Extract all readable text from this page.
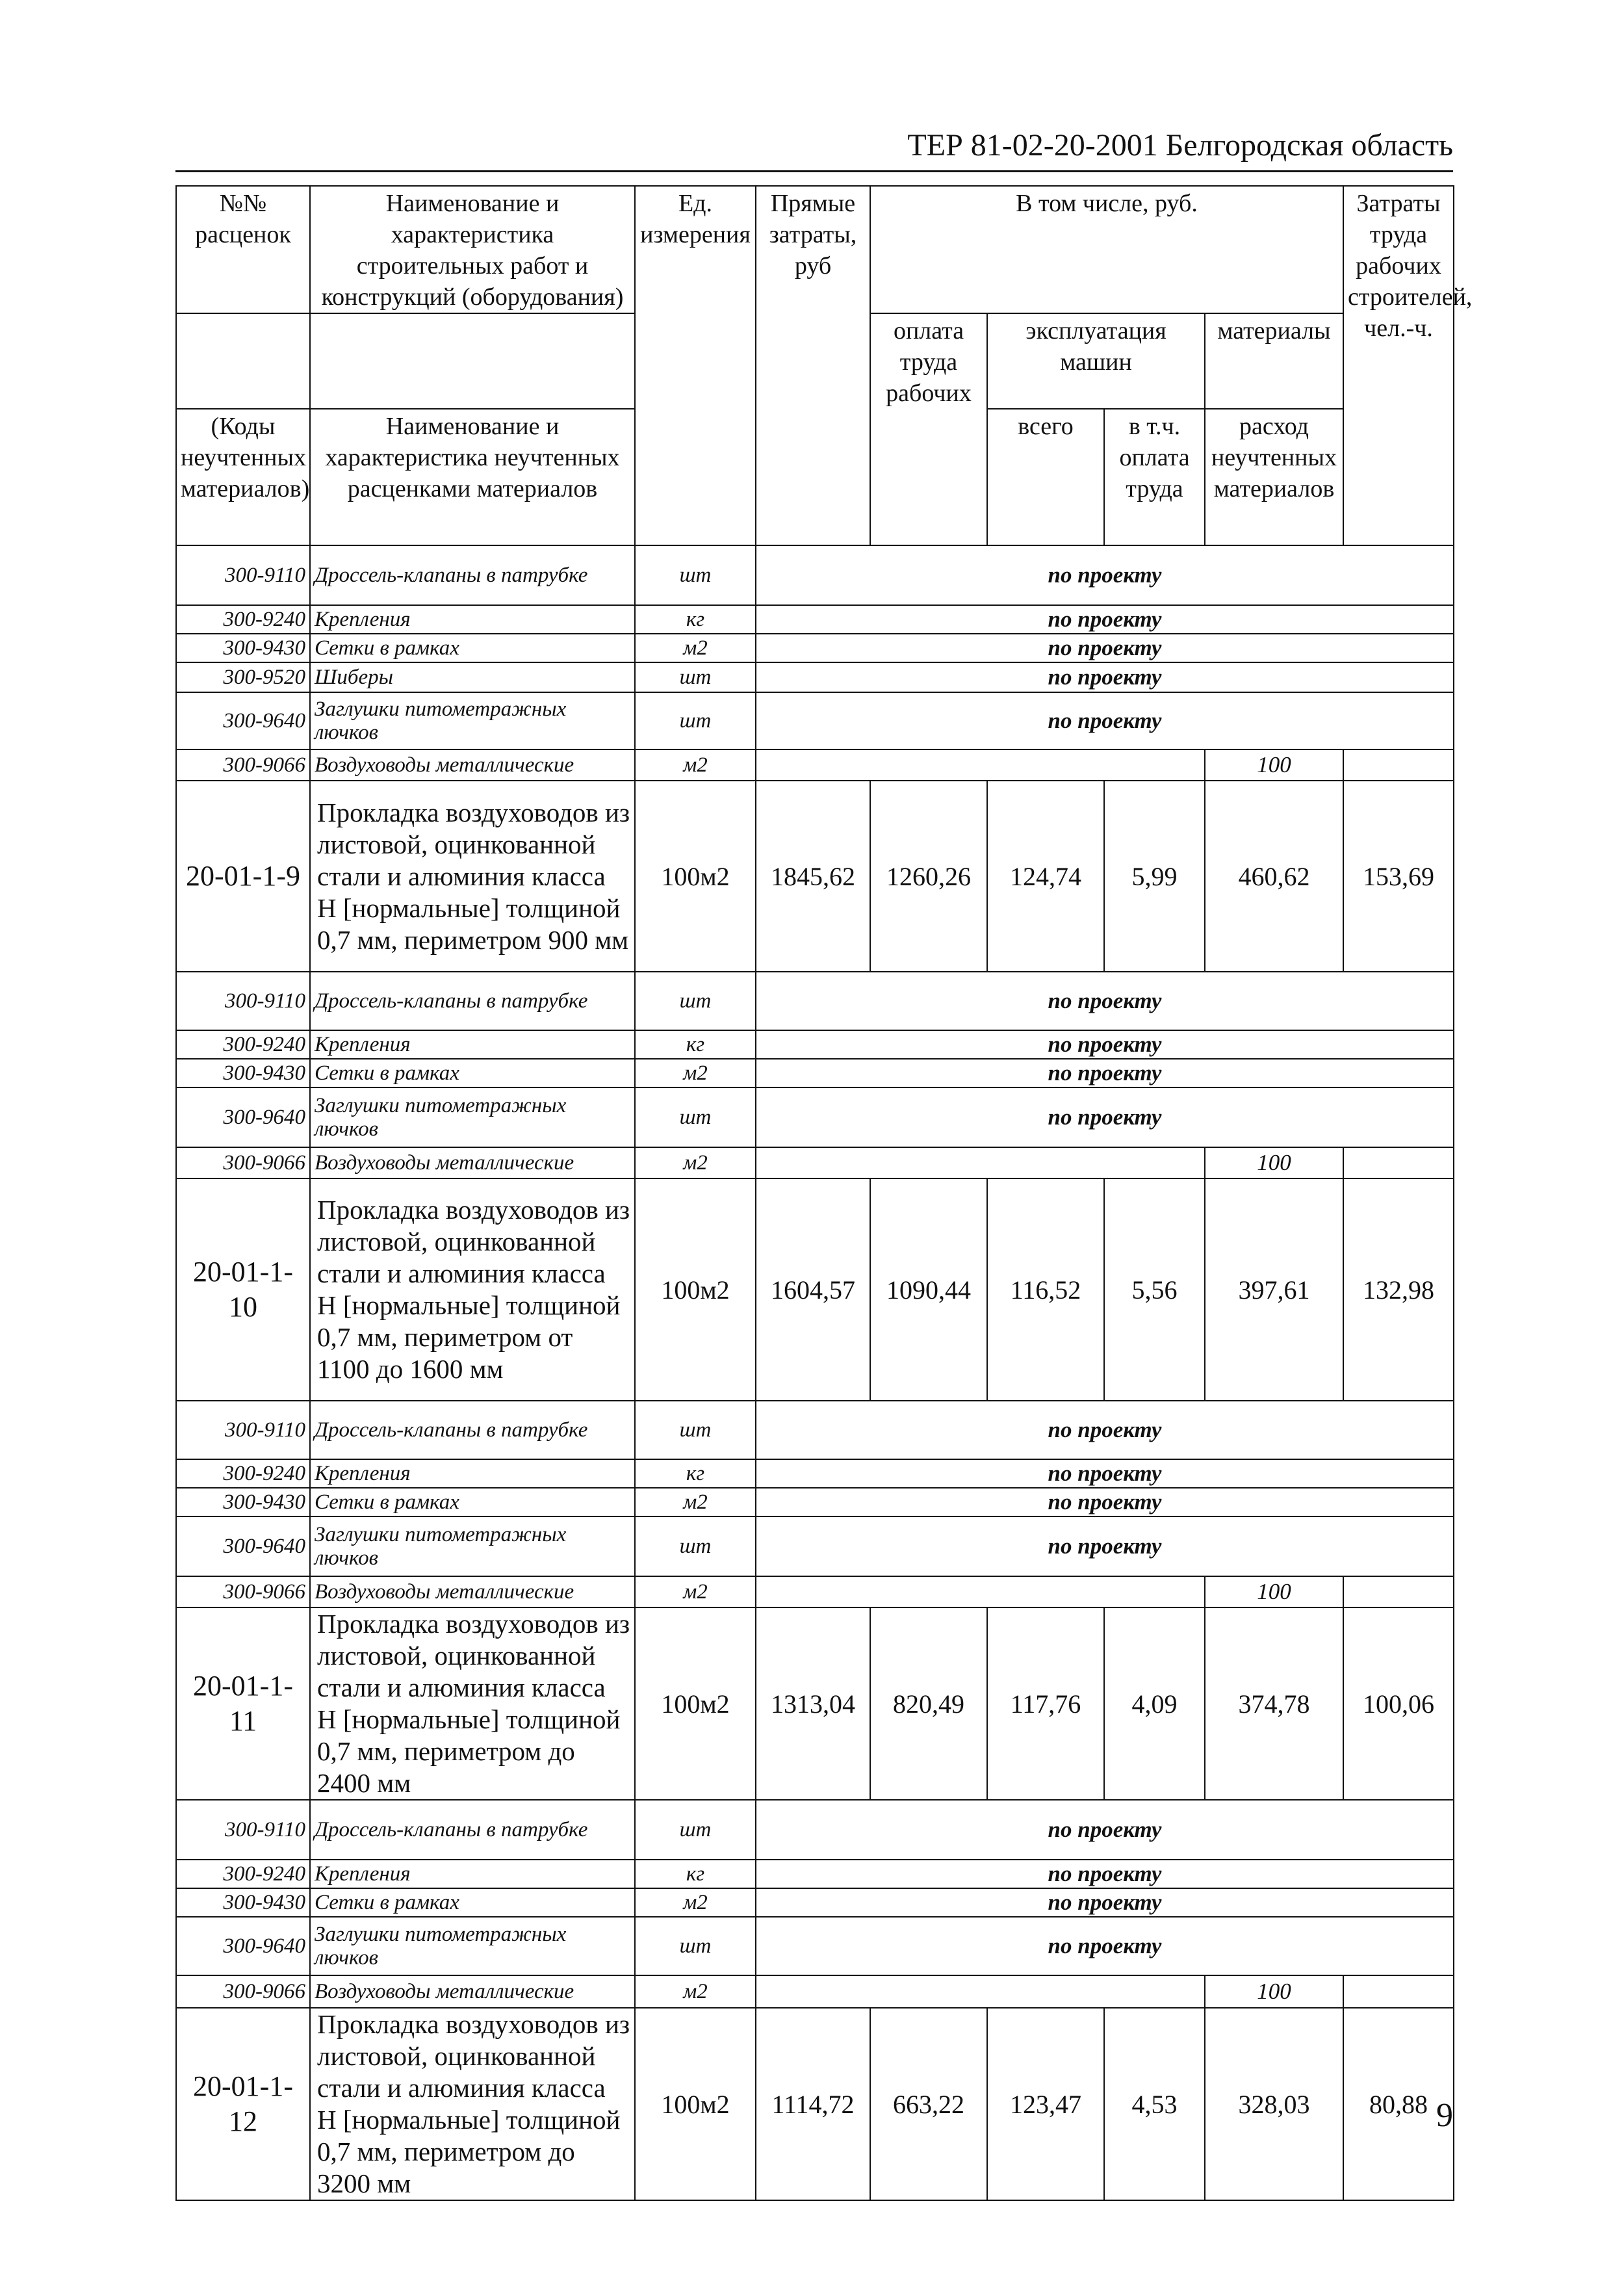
ТЕР 81-02-20-2001 Белгородская область
№№ расценок	Наименование и характеристика строительных работ и конструкций (оборудования)	Ед. измерения	Прямые затраты, руб	В том числе, руб.				Затраты труда рабочих строителей, чел.-ч.
				оплата труда рабочих	эксплуатация машин		материалы	

(Коды неучтенных материалов)	Наименование и характеристика неучтенных расценками материалов				всего	в т.ч. оплата труда	расход неучтенных материалов	
300-9110	Дроссель-клапаны в патрубке	шт	по проекту					
300-9240	Крепления	кг	по проекту					
300-9430	Сетки в рамках	м2	по проекту					
300-9520	Шиберы	шт	по проекту					
300-9640	Заглушки питометражных лючков	шт	по проекту					
300-9066	Воздуховоды металлические	м2					100	
20-01-1-9	Прокладка воздуховодов из листовой, оцинкованной стали и алюминия класса Н [нормальные] толщиной 0,7 мм, периметром 900 мм	100м2	1845,62	1260,26	124,74	5,99	460,62	153,69
300-9110	Дроссель-клапаны в патрубке	шт	по проекту					
300-9240	Крепления	кг	по проекту					
300-9430	Сетки в рамках	м2	по проекту					
300-9640	Заглушки питометражных лючков	шт	по проекту					
300-9066	Воздуховоды металлические	м2					100	
20-01-1-10	Прокладка воздуховодов из листовой, оцинкованной стали и алюминия класса Н [нормальные] толщиной 0,7 мм, периметром от 1100 до 1600 мм	100м2	1604,57	1090,44	116,52	5,56	397,61	132,98
300-9110	Дроссель-клапаны в патрубке	шт	по проекту					
300-9240	Крепления	кг	по проекту					
300-9430	Сетки в рамках	м2	по проекту					
300-9640	Заглушки питометражных лючков	шт	по проекту					
300-9066	Воздуховоды металлические	м2					100	
20-01-1-11	Прокладка воздуховодов из листовой, оцинкованной стали и алюминия класса Н [нормальные] толщиной 0,7 мм, периметром до 2400 мм	100м2	1313,04	820,49	117,76	4,09	374,78	100,06
300-9110	Дроссель-клапаны в патрубке	шт	по проекту					
300-9240	Крепления	кг	по проекту					
300-9430	Сетки в рамках	м2	по проекту					
300-9640	Заглушки питометражных лючков	шт	по проекту					
300-9066	Воздуховоды металлические	м2					100	
20-01-1-12	Прокладка воздуховодов из листовой, оцинкованной стали и алюминия класса Н [нормальные] толщиной 0,7 мм, периметром до 3200 мм	100м2	1114,72	663,22	123,47	4,53	328,03	80,88 9
